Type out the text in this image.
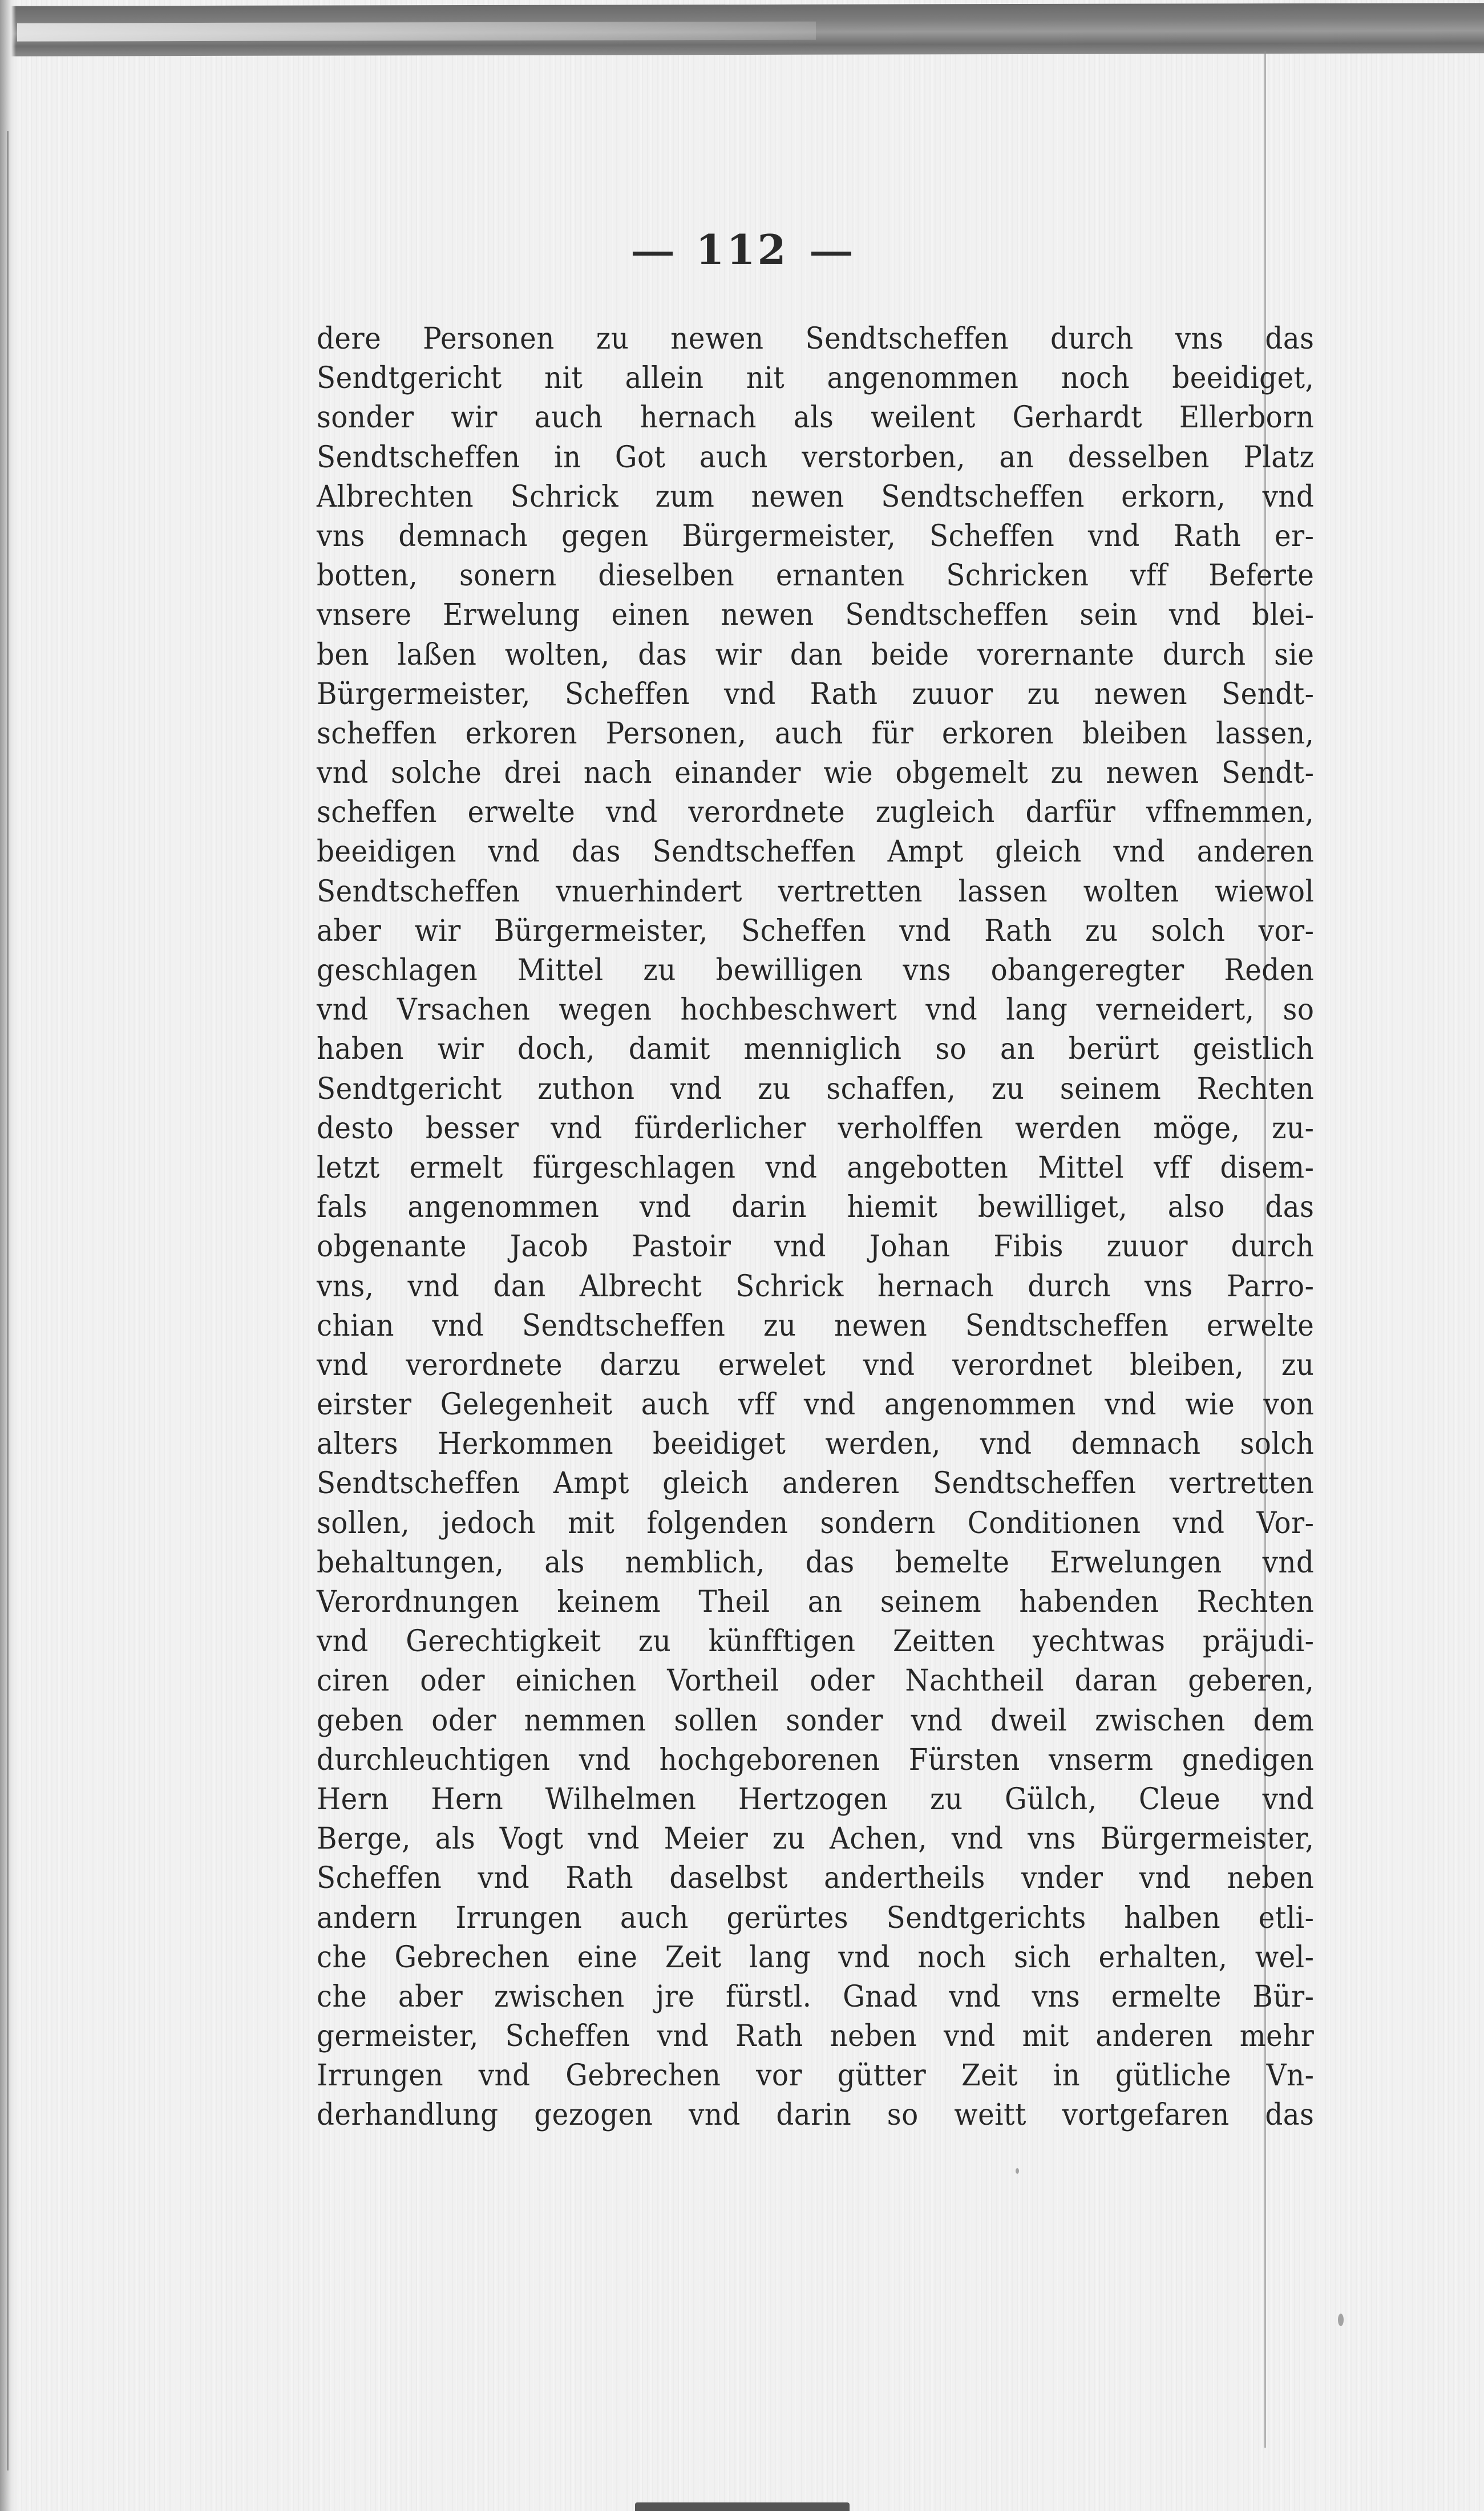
112
dere Personen zu newen Sendtscheffen durch vns das
Sendtgericht nit allein nit angenommen noch beeidiget,
sonder wir auch hernach als weilent Gerhardt Ellerborn
Sendtscheffen in Got auch verstorben, an desselben Platz
Albrechten Schrick zum newen Sendtscheffen erkorn, vnd
vns demnach gegen Bürgermeister, Scheffen vnd Rath er-
botten, sonern dieselben ernanten Schricken vff Beferte
vnsere Erwelung einen newen Sendtscheffen sein vnd blei-
ben laßen wolten, das wir dan beide vorernante durch sie
Bürgermeister, Scheffen vnd Rath zuuor zu newen Sendt-
scheffen erkoren Personen, auch für erkoren bleiben lassen,
vnd solche drei nach einander wie obgemelt zu newen Sendt-
scheffen erwelte vnd verordnete zugleich darfür vffnemmen,
beeidigen vnd das Sendtscheffen Ampt gleich vnd anderen
Sendtscheffen vnuerhindert vertretten lassen wolten wiewol
aber wir Bürgermeister, Scheffen vnd Rath zu solch vor-
geschlagen Mittel zu bewilligen vns obangeregter Reden
vnd Vrsachen wegen hochbeschwert vnd lang verneidert, so
haben wir doch, damit menniglich so an berürt geistlich
Sendtgericht zuthon vnd zu schaffen, zu seinem Rechten
desto besser vnd fürderlicher verholffen werden möge, zu-
letzt ermelt fürgeschlagen vnd angebotten Mittel vff disem-
fals angenommen vnd darin hiemit bewilliget, also das
obgenante Jacob Pastoir vnd Johan Fibis zuuor durch
vns, vnd dan Albrecht Schrick hernach durch vns Parro-
chian vnd Sendtscheffen zu newen Sendtscheffen erwelte
vnd verordnete darzu erwelet vnd verordnet bleiben, zu
eirster Gelegenheit auch vff vnd angenommen vnd wie von
alters Herkommen beeidiget werden, vnd demnach solch
Sendtscheffen Ampt gleich anderen Sendtscheffen vertretten
sollen, jedoch mit folgenden sondern Conditionen vnd Vor-
behaltungen, als nemblich, das bemelte Erwelungen vnd
Verordnungen keinem Theil an seinem habenden Rechten
vnd Gerechtigkeit zu künfftigen Zeitten yechtwas präjudi-
ciren oder einichen Vortheil oder Nachtheil daran geberen,
geben oder nemmen sollen sonder vnd dweil zwischen dem
durchleuchtigen vnd hochgeborenen Fürsten vnserm gnedigen
Hern Hern Wilhelmen Hertzogen zu Gülch, Cleue vnd
Berge, als Vogt vnd Meier zu Achen, vnd vns Bürgermeister,
Scheffen vnd Rath daselbst andertheils vnder vnd neben
andern Irrungen auch gerürtes Sendtgerichts halben etli-
che Gebrechen eine Zeit lang vnd noch sich erhalten, wel-
che aber zwischen jre fürstl. Gnad vnd vns ermelte Bür-
germeister, Scheffen vnd Rath neben vnd mit anderen mehr
Irrungen vnd Gebrechen vor gütter Zeit in gütliche Vn-
derhandlung gezogen vnd darin so weitt vortgefaren das
